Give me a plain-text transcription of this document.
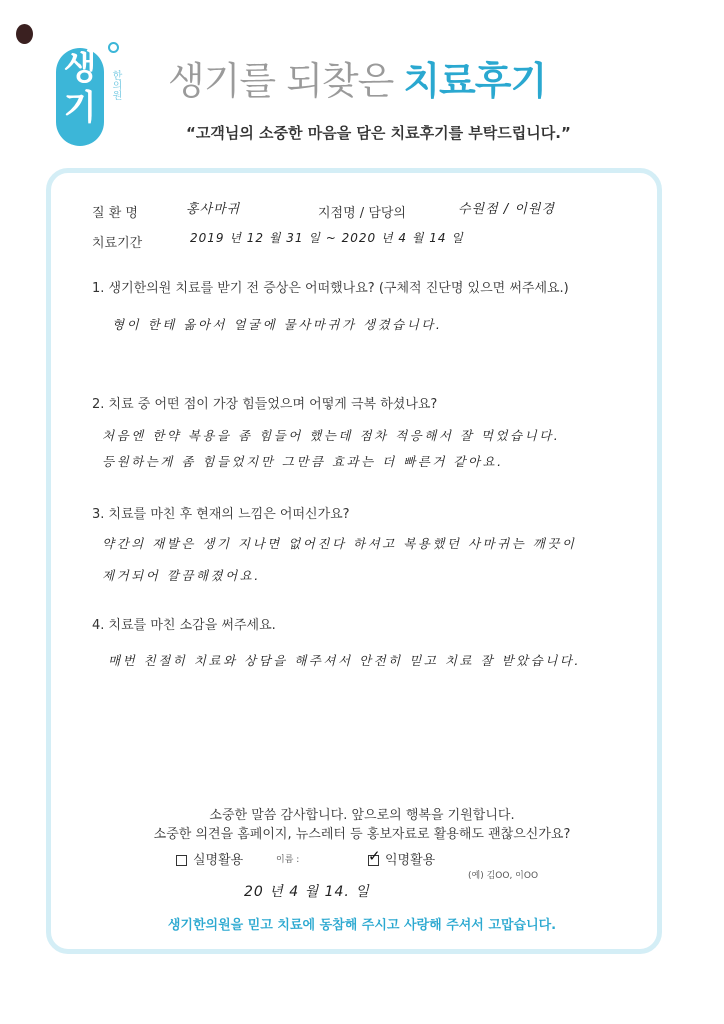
생
기
한의원 생기를 되찾은 치료후기
“고객님의 소중한 마음을 담은 치료후기를 부탁드립니다.”
질 환 명	홍사마귀	지점명 / 담당의	수원점 / 이원경
치료기간	2019 년 12 월 31 일 ~ 2020 년 4 월 14 일
1. 생기한의원 치료를 받기 전 증상은 어떠했나요? (구체적 진단명 있으면 써주세요.)
형이 한테 옮아서 얼굴에 물사마귀가 생겼습니다.
2. 치료 중 어떤 점이 가장 힘들었으며 어떻게 극복 하셨나요?
처음엔 한약 복용을 좀 힘들어 했는데 점차 적응해서 잘 먹었습니다.
등원하는게 좀 힘들었지만 그만큼 효과는 더 빠른거 같아요.
3. 치료를 마친 후 현재의 느낌은 어떠신가요?
약간의 재발은 생기 지나면 없어진다 하셔고 복용했던 사마귀는 깨끗이
제거되어 깔끔해졌어요.
4. 치료를 마친 소감을 써주세요.
매번 친절히 치료와 상담을 해주셔서 안전히 믿고 치료 잘 받았습니다.
소중한 말씀 감사합니다. 앞으로의 행복을 기원합니다.
소중한 의견을 홈페이지, 뉴스레터 등 홍보자료로 활용해도 괜찮으신가요?
실명활용	이름 :	✓ 익명활용
(예) 김OO, 이OO
20 년 4 월 14. 일
생기한의원을 믿고 치료에 동참해 주시고 사랑해 주셔서 고맙습니다.
